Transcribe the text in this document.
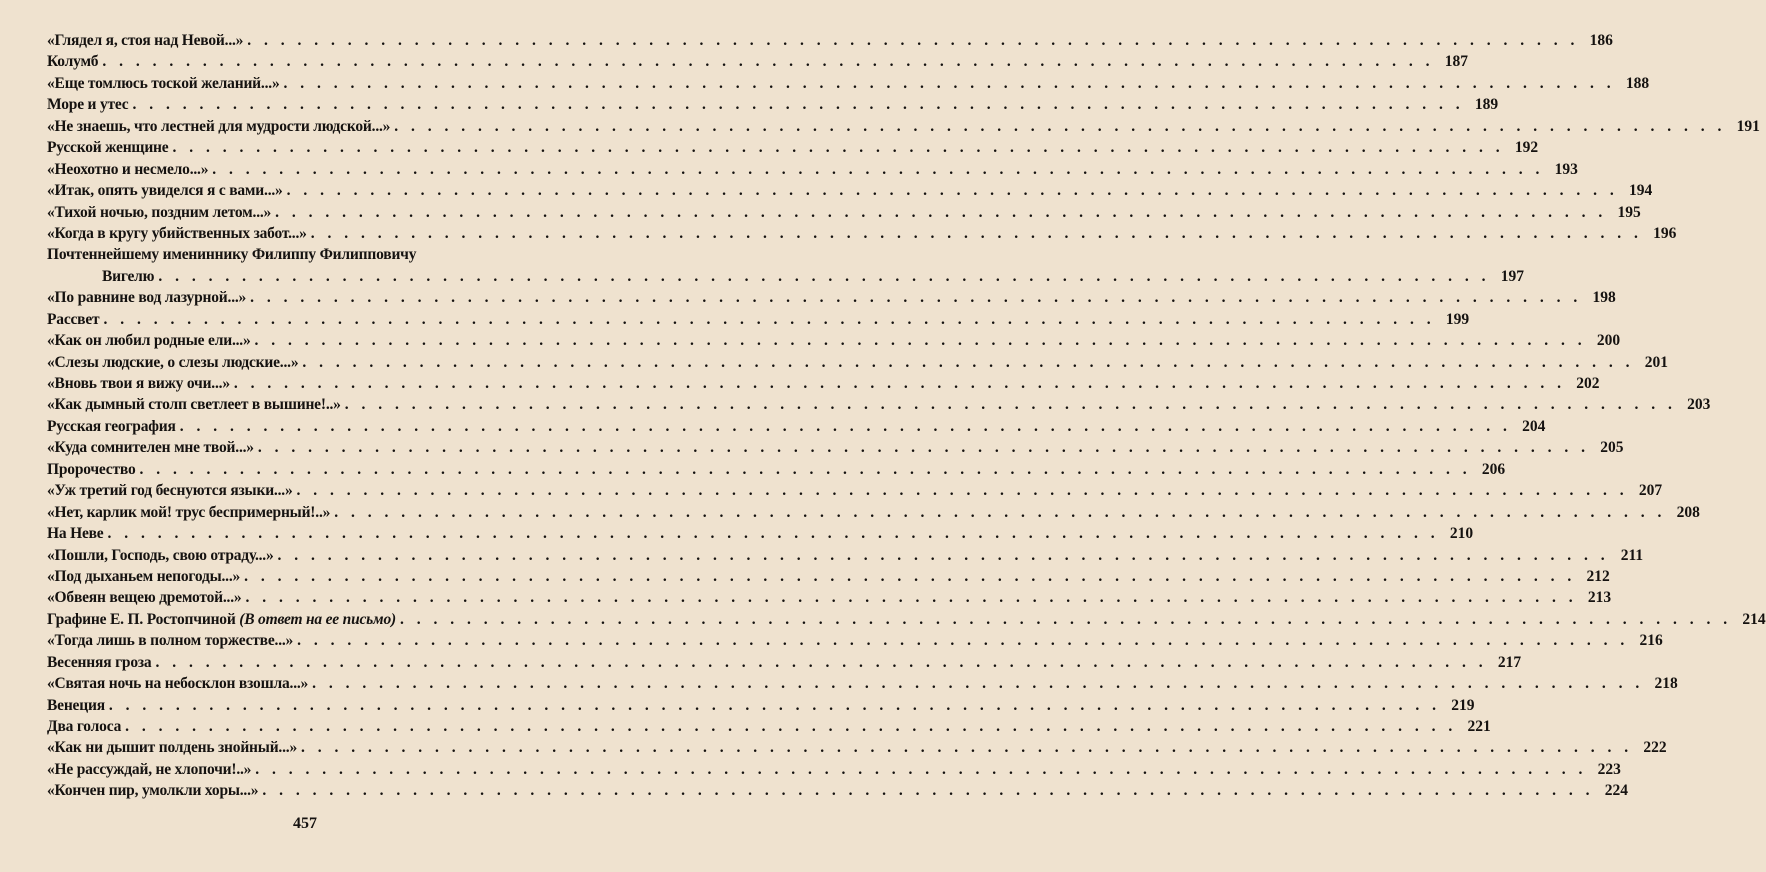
«Глядел я, стоя над Невой...» . . . . . . . . . . . . . . . . . . . . . . . . . . . . . . . . . . . . . . . . . . . . . . . . . . . . . . . . . . . . . . . . . . . . . . . . . . . . . . . . 186
Колумб . . . . . . . . . . . . . . . . . . . . . . . . . . . . . . . . . . . . . . . . . . . . . . . . . . . . . . . . . . . . . . . . . . . . . . . . . . . . . . . . 187
«Еще томлюсь тоской желаний...» . . . . . . . . . . . . . . . . . . . . . . . . . . . . . . . . . . . . . . . . . . . . . . . . . . . . . . . . . . . . . . . . . . . . . . . . . . . . . . . . 188
Море и утес . . . . . . . . . . . . . . . . . . . . . . . . . . . . . . . . . . . . . . . . . . . . . . . . . . . . . . . . . . . . . . . . . . . . . . . . . . . . . . . . 189
«Не знаешь, что лестней для мудрости людской...» . . . . . . . . . . . . . . . . . . . . . . . . . . . . . . . . . . . . . . . . . . . . . . . . . . . . . . . . . . . . . . . . . . . . . . . . . . . . . . . . 191
Русской женщине . . . . . . . . . . . . . . . . . . . . . . . . . . . . . . . . . . . . . . . . . . . . . . . . . . . . . . . . . . . . . . . . . . . . . . . . . . . . . . . . 192
«Неохотно и несмело...» . . . . . . . . . . . . . . . . . . . . . . . . . . . . . . . . . . . . . . . . . . . . . . . . . . . . . . . . . . . . . . . . . . . . . . . . . . . . . . . . 193
«Итак, опять увиделся я с вами...» . . . . . . . . . . . . . . . . . . . . . . . . . . . . . . . . . . . . . . . . . . . . . . . . . . . . . . . . . . . . . . . . . . . . . . . . . . . . . . . . 194
«Тихой ночью, поздним летом...» . . . . . . . . . . . . . . . . . . . . . . . . . . . . . . . . . . . . . . . . . . . . . . . . . . . . . . . . . . . . . . . . . . . . . . . . . . . . . . . . 195
«Когда в кругу убийственных забот...» . . . . . . . . . . . . . . . . . . . . . . . . . . . . . . . . . . . . . . . . . . . . . . . . . . . . . . . . . . . . . . . . . . . . . . . . . . . . . . . . 196
Почтеннейшему имениннику Филиппу Филипповичу
Вигелю . . . . . . . . . . . . . . . . . . . . . . . . . . . . . . . . . . . . . . . . . . . . . . . . . . . . . . . . . . . . . . . . . . . . . . . . . . . . . . . . 197
«По равнине вод лазурной...» . . . . . . . . . . . . . . . . . . . . . . . . . . . . . . . . . . . . . . . . . . . . . . . . . . . . . . . . . . . . . . . . . . . . . . . . . . . . . . . . 198
Рассвет . . . . . . . . . . . . . . . . . . . . . . . . . . . . . . . . . . . . . . . . . . . . . . . . . . . . . . . . . . . . . . . . . . . . . . . . . . . . . . . . 199
«Как он любил родные ели...» . . . . . . . . . . . . . . . . . . . . . . . . . . . . . . . . . . . . . . . . . . . . . . . . . . . . . . . . . . . . . . . . . . . . . . . . . . . . . . . . 200
«Слезы людские, о слезы людские...» . . . . . . . . . . . . . . . . . . . . . . . . . . . . . . . . . . . . . . . . . . . . . . . . . . . . . . . . . . . . . . . . . . . . . . . . . . . . . . . . 201
«Вновь твои я вижу очи...» . . . . . . . . . . . . . . . . . . . . . . . . . . . . . . . . . . . . . . . . . . . . . . . . . . . . . . . . . . . . . . . . . . . . . . . . . . . . . . . . 202
«Как дымный столп светлеет в вышине!..» . . . . . . . . . . . . . . . . . . . . . . . . . . . . . . . . . . . . . . . . . . . . . . . . . . . . . . . . . . . . . . . . . . . . . . . . . . . . . . . . 203
Русская география . . . . . . . . . . . . . . . . . . . . . . . . . . . . . . . . . . . . . . . . . . . . . . . . . . . . . . . . . . . . . . . . . . . . . . . . . . . . . . . . 204
«Куда сомнителен мне твой...» . . . . . . . . . . . . . . . . . . . . . . . . . . . . . . . . . . . . . . . . . . . . . . . . . . . . . . . . . . . . . . . . . . . . . . . . . . . . . . . . 205
Пророчество . . . . . . . . . . . . . . . . . . . . . . . . . . . . . . . . . . . . . . . . . . . . . . . . . . . . . . . . . . . . . . . . . . . . . . . . . . . . . . . . 206
«Уж третий год беснуются языки...» . . . . . . . . . . . . . . . . . . . . . . . . . . . . . . . . . . . . . . . . . . . . . . . . . . . . . . . . . . . . . . . . . . . . . . . . . . . . . . . . 207
«Нет, карлик мой! трус беспримерный!..» . . . . . . . . . . . . . . . . . . . . . . . . . . . . . . . . . . . . . . . . . . . . . . . . . . . . . . . . . . . . . . . . . . . . . . . . . . . . . . . . 208
На Неве . . . . . . . . . . . . . . . . . . . . . . . . . . . . . . . . . . . . . . . . . . . . . . . . . . . . . . . . . . . . . . . . . . . . . . . . . . . . . . . . 210
«Пошли, Господь, свою отраду...» . . . . . . . . . . . . . . . . . . . . . . . . . . . . . . . . . . . . . . . . . . . . . . . . . . . . . . . . . . . . . . . . . . . . . . . . . . . . . . . . 211
«Под дыханьем непогоды...» . . . . . . . . . . . . . . . . . . . . . . . . . . . . . . . . . . . . . . . . . . . . . . . . . . . . . . . . . . . . . . . . . . . . . . . . . . . . . . . . 212
«Обвеян вещею дремотой...» . . . . . . . . . . . . . . . . . . . . . . . . . . . . . . . . . . . . . . . . . . . . . . . . . . . . . . . . . . . . . . . . . . . . . . . . . . . . . . . . 213
Графине Е. П. Ростопчиной (В ответ на ее письмо) . . . . . . . . . . . . . . . . . . . . . . . . . . . . . . . . . . . . . . . . . . . . . . . . . . . . . . . . . . . . . . . . . . . . . . . . . . . . . . . . 214
«Тогда лишь в полном торжестве...» . . . . . . . . . . . . . . . . . . . . . . . . . . . . . . . . . . . . . . . . . . . . . . . . . . . . . . . . . . . . . . . . . . . . . . . . . . . . . . . . 216
Весенняя гроза . . . . . . . . . . . . . . . . . . . . . . . . . . . . . . . . . . . . . . . . . . . . . . . . . . . . . . . . . . . . . . . . . . . . . . . . . . . . . . . . 217
«Святая ночь на небосклон взошла...» . . . . . . . . . . . . . . . . . . . . . . . . . . . . . . . . . . . . . . . . . . . . . . . . . . . . . . . . . . . . . . . . . . . . . . . . . . . . . . . . 218
Венеция . . . . . . . . . . . . . . . . . . . . . . . . . . . . . . . . . . . . . . . . . . . . . . . . . . . . . . . . . . . . . . . . . . . . . . . . . . . . . . . . 219
Два голоса . . . . . . . . . . . . . . . . . . . . . . . . . . . . . . . . . . . . . . . . . . . . . . . . . . . . . . . . . . . . . . . . . . . . . . . . . . . . . . . . 221
«Как ни дышит полдень знойный...» . . . . . . . . . . . . . . . . . . . . . . . . . . . . . . . . . . . . . . . . . . . . . . . . . . . . . . . . . . . . . . . . . . . . . . . . . . . . . . . . 222
«Не рассуждай, не хлопочи!..» . . . . . . . . . . . . . . . . . . . . . . . . . . . . . . . . . . . . . . . . . . . . . . . . . . . . . . . . . . . . . . . . . . . . . . . . . . . . . . . . 223
«Кончен пир, умолкли хоры...» . . . . . . . . . . . . . . . . . . . . . . . . . . . . . . . . . . . . . . . . . . . . . . . . . . . . . . . . . . . . . . . . . . . . . . . . . . . . . . . . 224
457
